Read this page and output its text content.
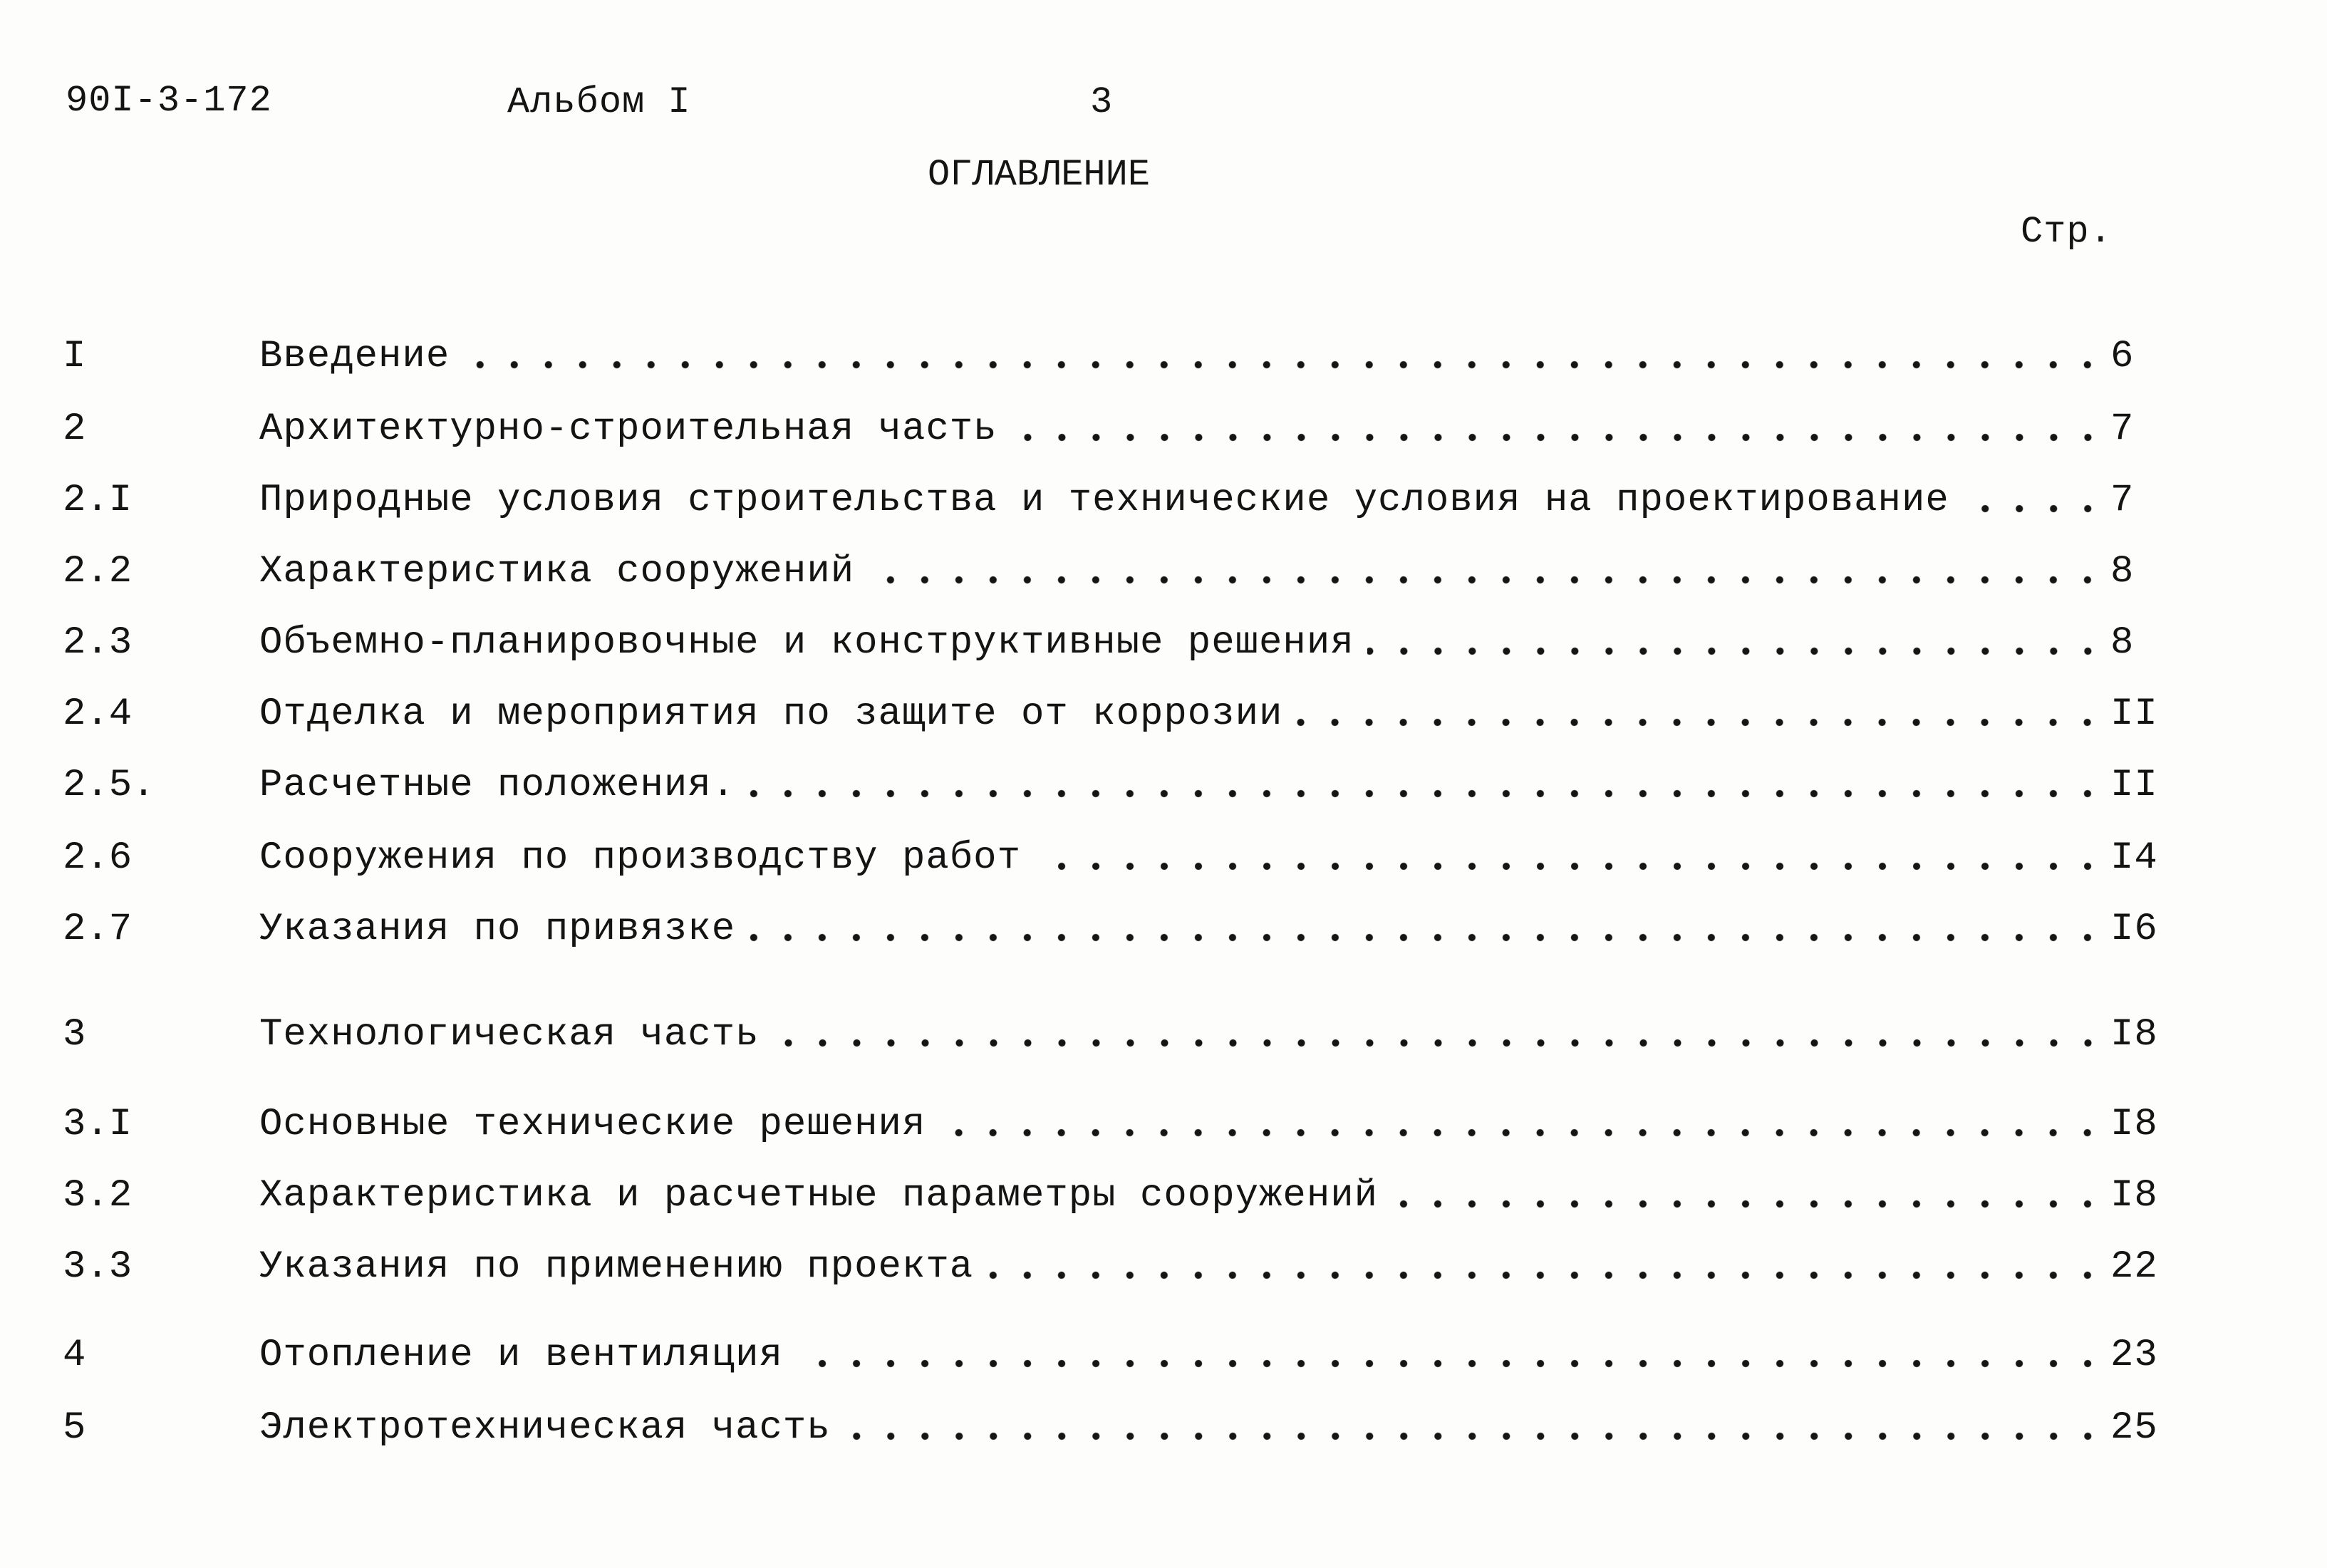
90I-3-172	Альбом I	3
ОГЛАВЛЕНИЕ
Стр.
I	Введение	6
2	Архитектурно-строительная часть	7
2.I	Природные условия строительства и технические условия на проектирование	7
2.2	Характеристика сооружений	8
2.3	Объемно-планировочные и конструктивные решения	8
2.4	Отделка и мероприятия по защите от коррозии	II
2.5.	Расчетные положения.	II
2.6	Сооружения по производству работ	I4
2.7	Указания по привязке	I6
3	Технологическая часть	I8
3.I	Основные технические решения	I8
3.2	Характеристика и расчетные параметры сооружений	I8
3.3	Указания по применению проекта	22
4	Отопление и вентиляция	23
5	Электротехническая часть	25
